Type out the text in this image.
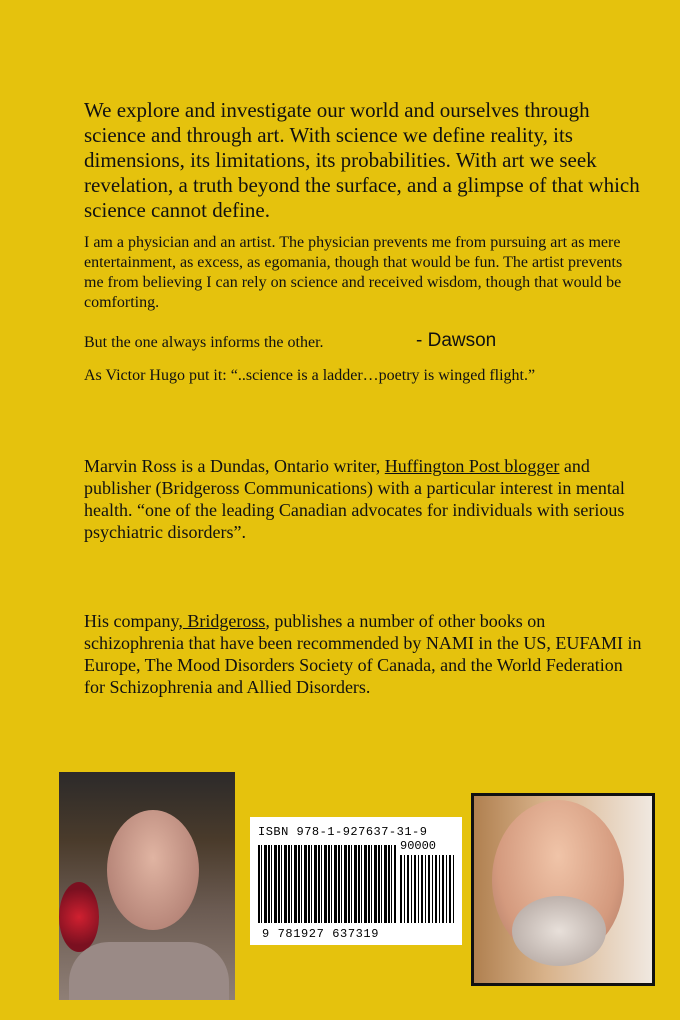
We explore and investigate our world and ourselves through science and through art. With science we define reality, its dimensions, its limitations, its probabilities. With art we seek revelation, a truth beyond the surface, and a glimpse of that which science cannot define.
I am a physician and an artist. The physician prevents me from pursuing art as mere entertainment, as excess, as egomania, though that would be fun. The artist prevents me from believing I can rely on science and received wisdom, though that would be comforting.
But the one always informs the other.	- Dawson
As Victor Hugo put it: “..science is a ladder…poetry is winged flight.”
Marvin Ross is a Dundas, Ontario writer, Huffington Post blogger and publisher (Bridgeross Communications) with a particular interest in mental health. “one of the leading Canadian advocates for individuals with serious psychiatric disorders”.
His company, Bridgeross, publishes a number of other books on schizophrenia that have been recommended by NAMI in the US, EUFAMI in Europe, The Mood Disorders Society of Canada, and the World Federation for Schizophrenia and Allied Disorders.
ISBN 978-1-927637-31-9
90000
9 781927 637319
